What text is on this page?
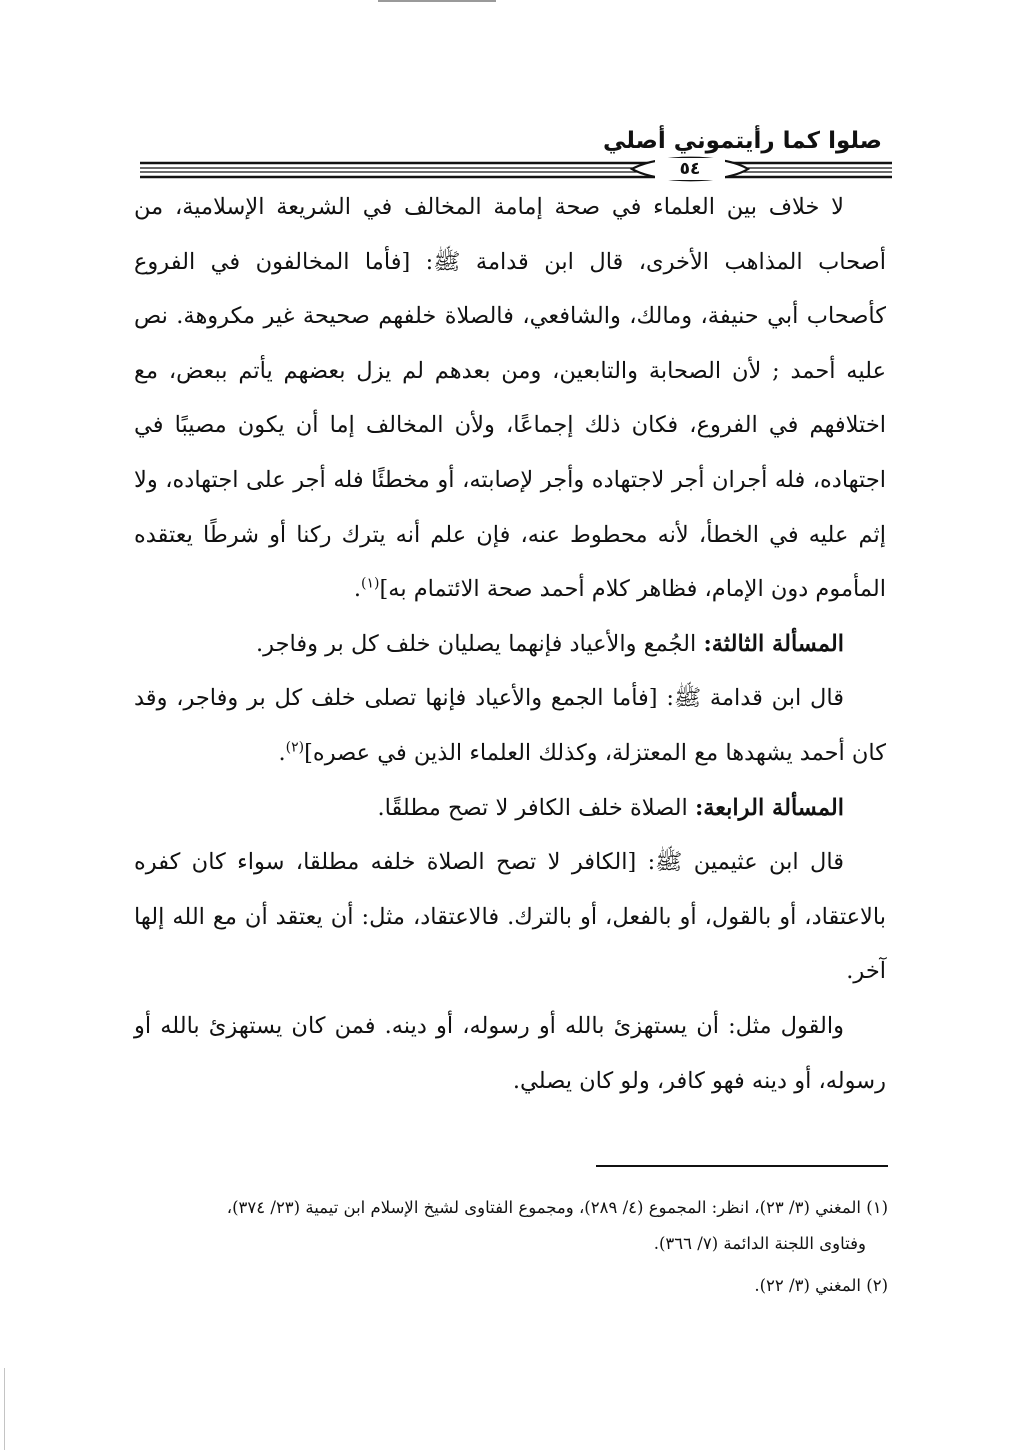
صلوا كما رأيتموني أصلي
٥٤

لا خلاف بين العلماء في صحة إمامة المخالف في الشريعة الإسلامية، من أصحاب المذاهب الأخرى، قال ابن قدامة ﷺ: [فأما المخالفون في الفروع كأصحاب أبي حنيفة، ومالك، والشافعي، فالصلاة خلفهم صحيحة غير مكروهة. نص عليه أحمد ; لأن الصحابة والتابعين، ومن بعدهم لم يزل بعضهم يأتم ببعض، مع اختلافهم في الفروع، فكان ذلك إجماعًا، ولأن المخالف إما أن يكون مصيبًا في اجتهاده، فله أجران أجر لاجتهاده وأجر لإصابته، أو مخطئًا فله أجر على اجتهاده، ولا إثم عليه في الخطأ، لأنه محطوط عنه، فإن علم أنه يترك ركنا أو شرطًا يعتقده المأموم دون الإمام، فظاهر كلام أحمد صحة الائتمام به]$^{(١)}$.

المسألة الثالثة: الجُمع والأعياد فإنهما يصليان خلف كل بر وفاجر.

قال ابن قدامة ﷺ: [فأما الجمع والأعياد فإنها تصلى خلف كل بر وفاجر، وقد كان أحمد يشهدها مع المعتزلة، وكذلك العلماء الذين في عصره]$^{(٢)}$.

المسألة الرابعة: الصلاة خلف الكافر لا تصح مطلقًا.

قال ابن عثيمين ﷺ: [الكافر لا تصح الصلاة خلفه مطلقا، سواء كان كفره بالاعتقاد، أو بالقول، أو بالفعل، أو بالترك. فالاعتقاد، مثل: أن يعتقد أن مع الله إلها آخر.

والقول مثل: أن يستهزئ بالله أو رسوله، أو دينه. فمن كان يستهزئ بالله أو رسوله، أو دينه فهو كافر، ولو كان يصلي.

(١) المغني (٣/ ٢٣)، انظر: المجموع (٤/ ٢٨٩)، ومجموع الفتاوى لشيخ الإسلام ابن تيمية (٢٣/ ٣٧٤)،
وفتاوى اللجنة الدائمة (٧/ ٣٦٦).

(٢) المغني (٣/ ٢٢).
